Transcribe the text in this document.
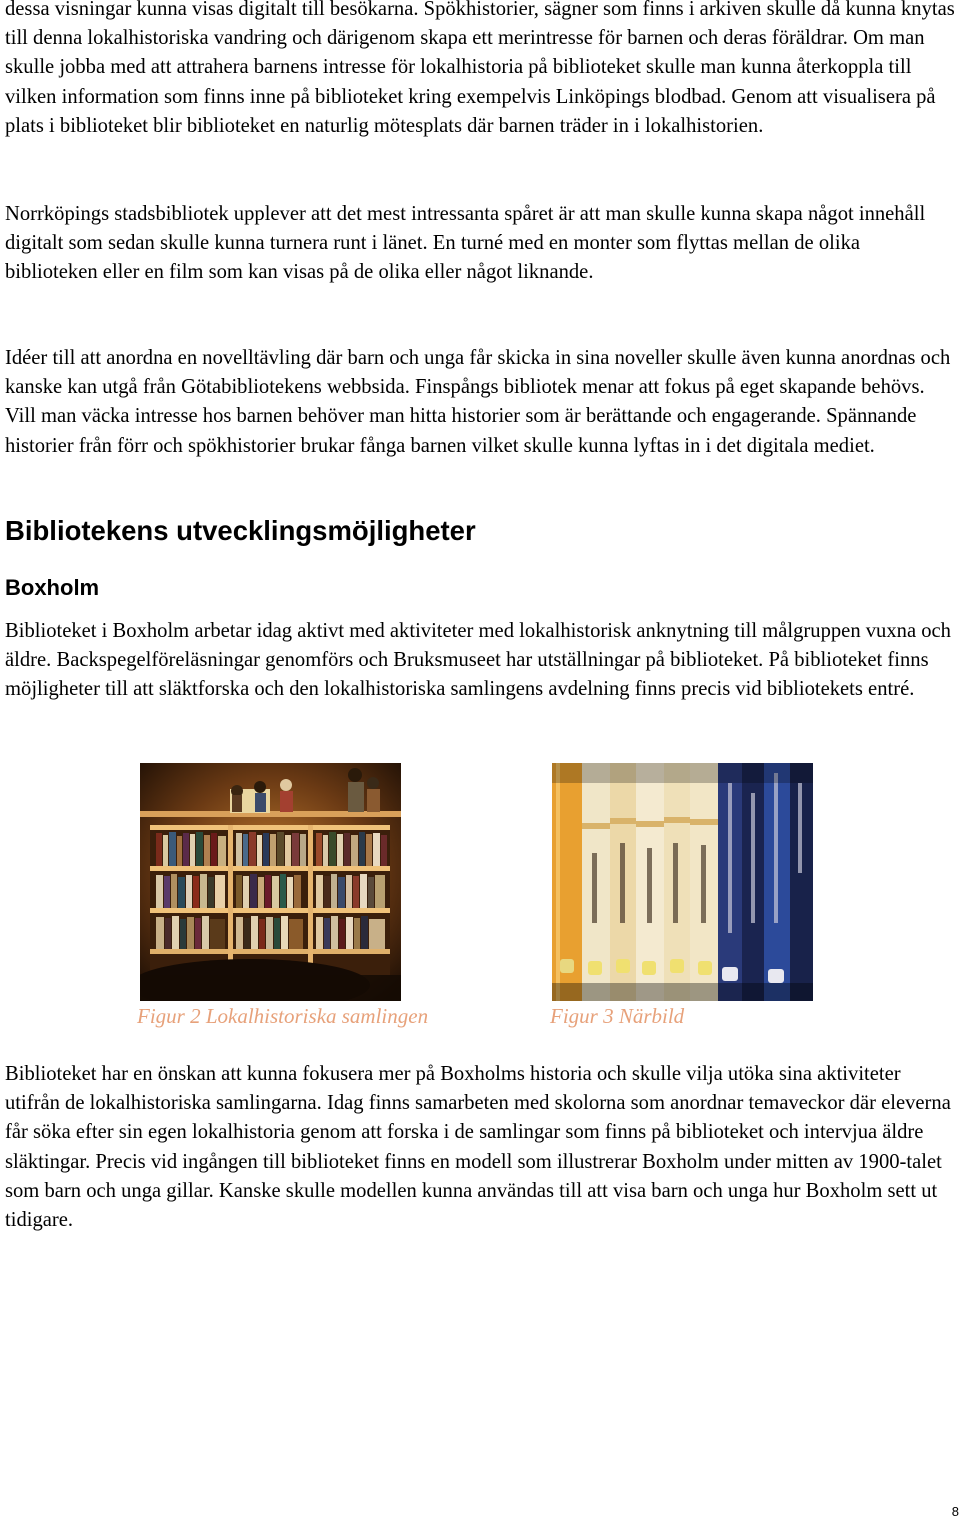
dessa visningar kunna visas digitalt till besökarna. Spökhistorier, sägner som finns i arkiven skulle då kunna knytas till denna lokalhistoriska vandring och därigenom skapa ett merintresse för barnen och deras föräldrar. Om man skulle jobba med att attrahera barnens intresse för lokalhistoria på biblioteket skulle man kunna återkoppla till vilken information som finns inne på biblioteket kring exempelvis Linköpings blodbad. Genom att visualisera på plats i biblioteket blir biblioteket en naturlig mötesplats där barnen träder in i lokalhistorien.

Norrköpings stadsbibliotek upplever att det mest intressanta spåret är att man skulle kunna skapa något innehåll digitalt som sedan skulle kunna turnera runt i länet. En turné med en monter som flyttas mellan de olika biblioteken eller en film som kan visas på de olika eller något liknande.

Idéer till att anordna en novelltävling där barn och unga får skicka in sina noveller skulle även kunna anordnas och kanske kan utgå från Götabibliotekens webbsida. Finspångs bibliotek menar att fokus på eget skapande behövs. Vill man väcka intresse hos barnen behöver man hitta historier som är berättande och engagerande. Spännande historier från förr och spökhistorier brukar fånga barnen vilket skulle kunna lyftas in i det digitala mediet.

Bibliotekens utvecklingsmöjligheter
Boxholm

Biblioteket i Boxholm arbetar idag aktivt med aktiviteter med lokalhistorisk anknytning till målgruppen vuxna och äldre. Backspegelföreläsningar genomförs och Bruksmuseet har utställningar på biblioteket. På biblioteket finns möjligheter till att släktforska och den lokalhistoriska samlingens avdelning finns precis vid bibliotekets entré.

Biblioteket har en önskan att kunna fokusera mer på Boxholms historia och skulle vilja utöka sina aktiviteter utifrån de lokalhistoriska samlingarna. Idag finns samarbeten med skolorna som anordnar temaveckor där eleverna får söka efter sin egen lokalhistoria genom att forska i de samlingar som finns på biblioteket och intervjua äldre släktingar. Precis vid ingången till biblioteket finns en modell som illustrerar Boxholm under mitten av 1900-talet som barn och unga gillar. Kanske skulle modellen kunna användas till att visa barn och unga hur Boxholm sett ut tidigare.

Figur 2 Lokalhistoriska samlingen	Figur 3 Närbild

8
